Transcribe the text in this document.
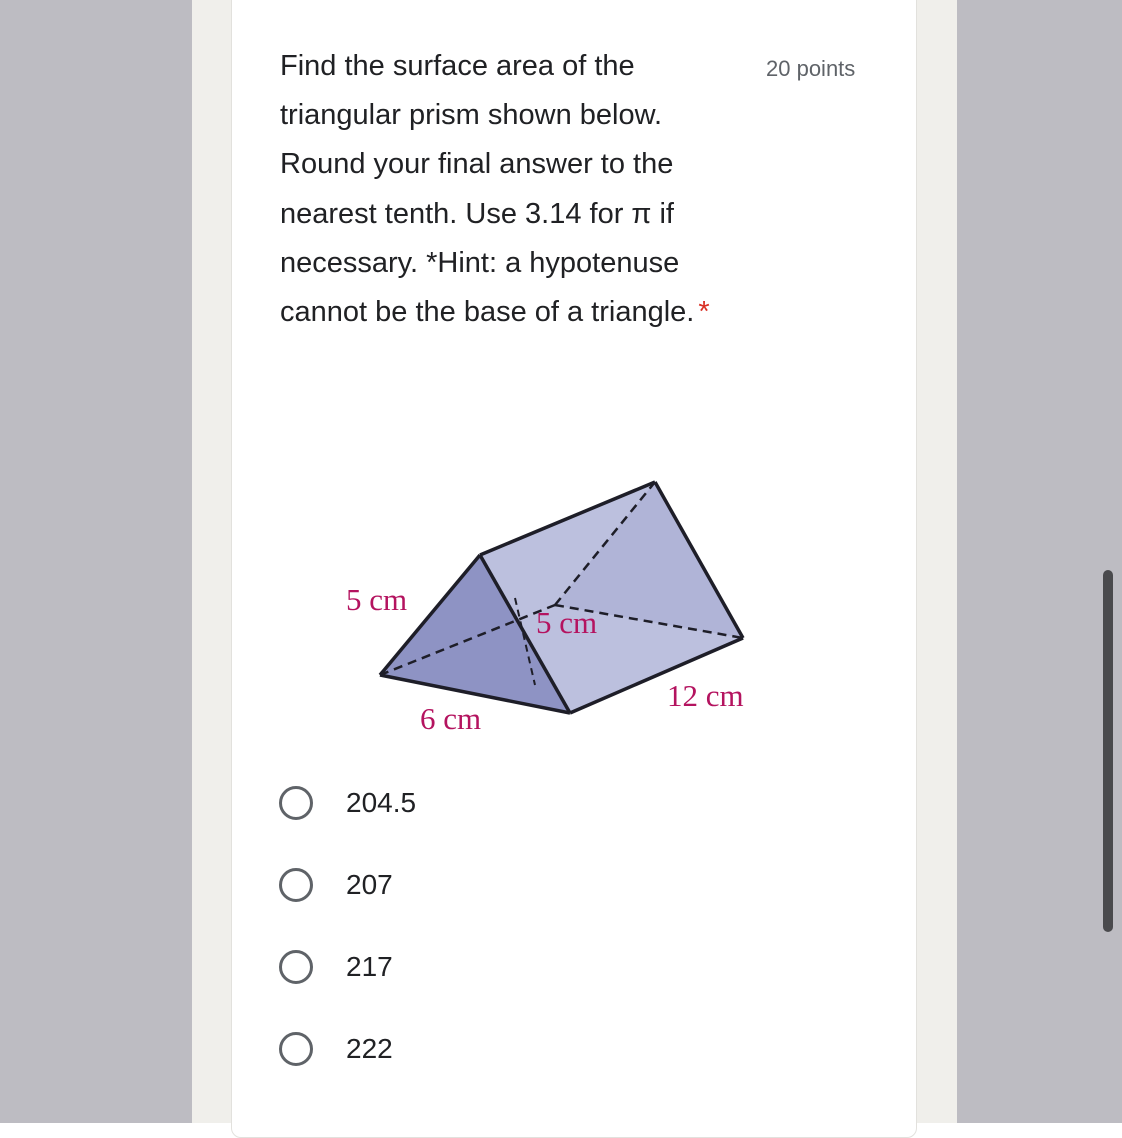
Find the surface area of the triangular prism shown below. Round your final answer to the nearest tenth. Use 3.14 for π if necessary. *Hint: a hypotenuse cannot be the base of a triangle. *

20 points
5 cm
5 cm
6 cm
12 cm
204.5
207
217
222
